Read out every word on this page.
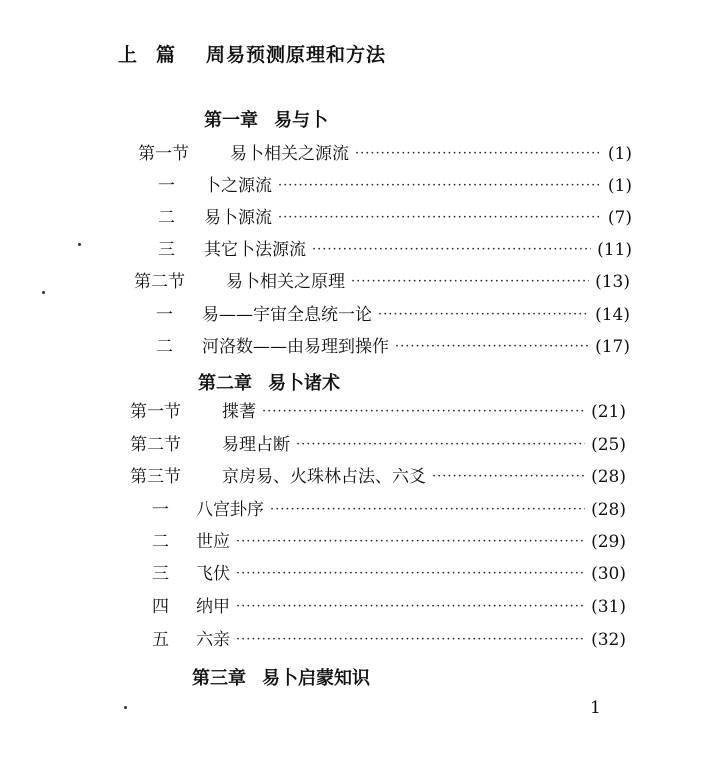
上 篇 周易预测原理和方法
第一章 易与卜
第一节	易卜相关之源流 ·····	(1)
一	卜之源流 ·····	(1)
二	易卜源流 ·····	(7)
三	其它卜法源流 ·····	(11)
第二节	易卜相关之原理 ·····	(13)
一	易——宇宙全息统一论 ·····	(14)
二	河洛数——由易理到操作 ·····	(17)
第二章 易卜诸术
第一节	揲蓍 ·····	(21)
第二节	易理占断 ·····	(25)
第三节	京房易、火珠林占法、六爻 ·····	(28)
一	八宫卦序 ·····	(28)
二	世应 ·····	(29)
三	飞伏 ·····	(30)
四	纳甲 ·····	(31)
五	六亲 ·····	(32)
第三章 易卜启蒙知识
1
